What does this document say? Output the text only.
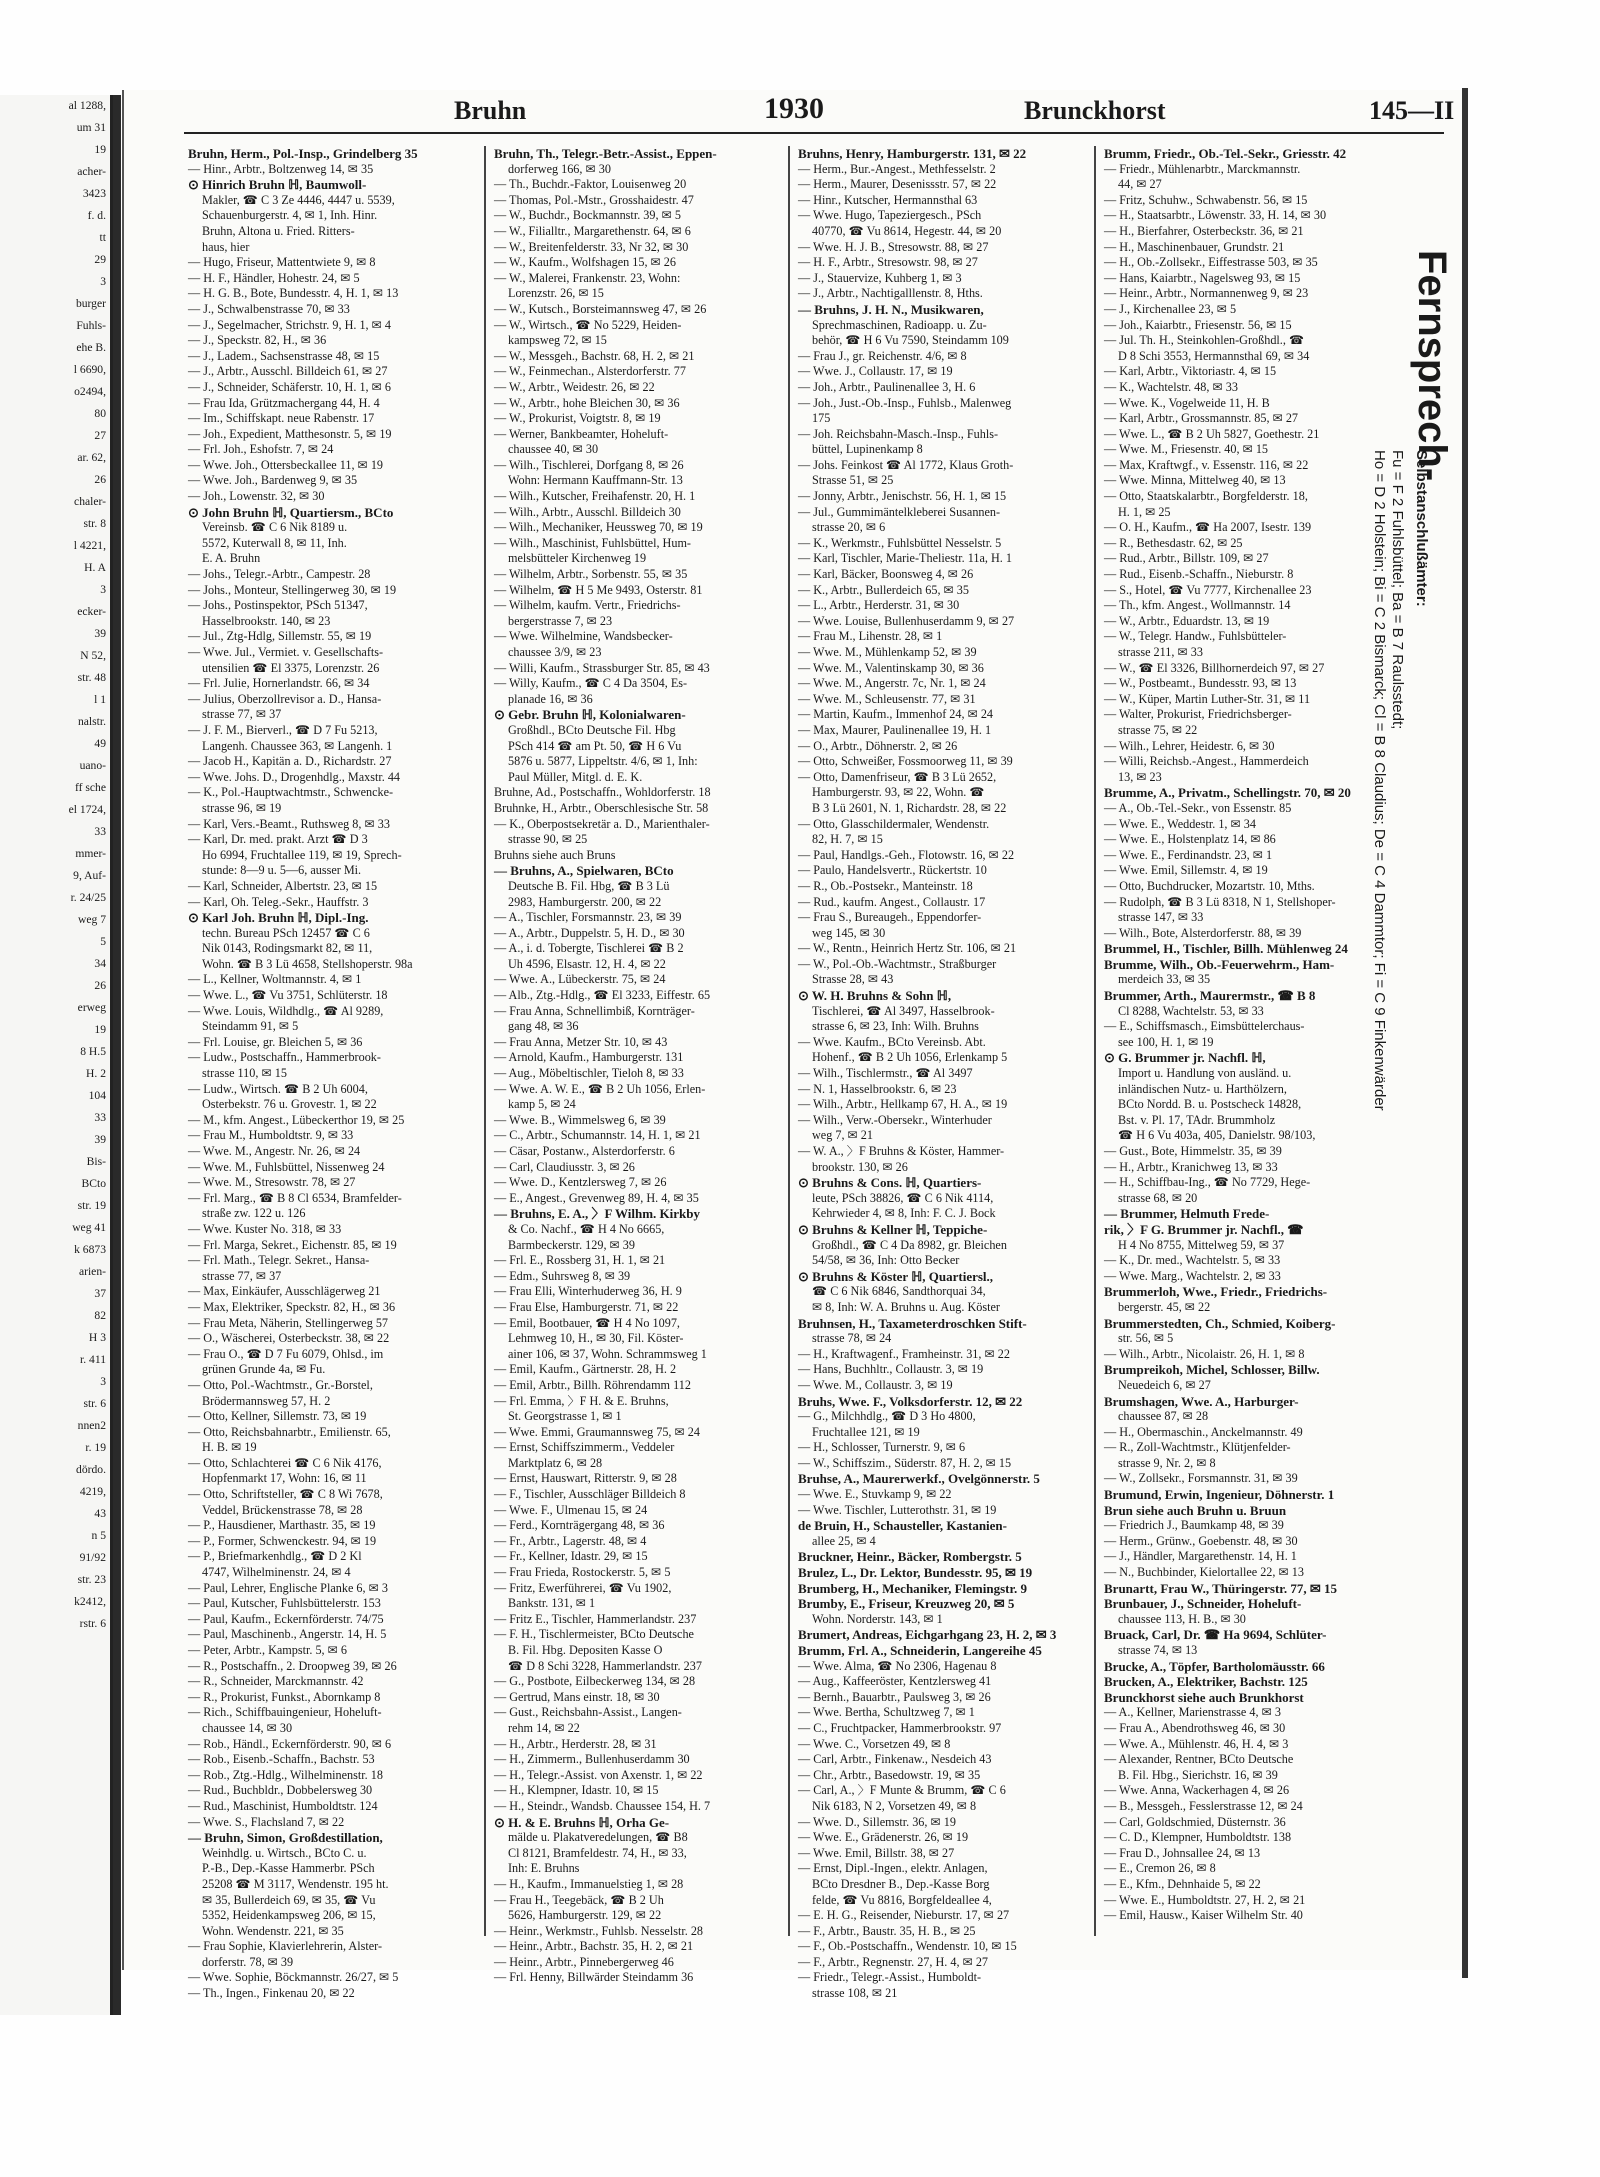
al 1288,
um 31
19
acher-
3423
f. d.
tt
29
3
burger
Fuhls-
ehe B.
l 6690,
o2494,
80
27
ar. 62,
26
chaler-
str. 8
l 4221,
H. A
3
ecker-
39
N 52,
str. 48
l 1
nalstr.
49
uano-
ff sche
el 1724,
33
mmer-
9, Auf-
r. 24/25
weg 7
5
34
26
erweg
19
8 H.5
H. 2
104
33
39
Bis-
BCto
str. 19
weg 41
k 6873
arien-
37
82
H 3
r. 411
3
str. 6
nnen2
r. 19
dördo.
4219,
43
n 5
91/92
str. 23
k2412,
rstr. 6
Bruhn	1930	Brunckhorst	145—II
Bruhn, Herm., Pol.-Insp., Grindelberg 35
— Hinr., Arbtr., Boltzenweg 14, ✉ 35
⊙ Hinrich Bruhn ℍ, Baumwoll-
Makler, ☎ C 3 Ze 4446, 4447 u. 5539,
Schauenburgerstr. 4, ✉ 1, Inh. Hinr.
Bruhn, Altona u. Fried. Ritters-
haus, hier
— Hugo, Friseur, Mattentwiete 9, ✉ 8
— H. F., Händler, Hohestr. 24, ✉ 5
— H. G. B., Bote, Bundesstr. 4, H. 1, ✉ 13
— J., Schwalbenstrasse 70, ✉ 33
— J., Segelmacher, Strichstr. 9, H. 1, ✉ 4
— J., Speckstr. 82, H., ✉ 36
— J., Ladem., Sachsenstrasse 48, ✉ 15
— J., Arbtr., Ausschl. Billdeich 61, ✉ 27
— J., Schneider, Schäferstr. 10, H. 1, ✉ 6
— Frau Ida, Grützmachergang 44, H. 4
— Im., Schiffskapt. neue Rabenstr. 17
— Joh., Expedient, Matthesonstr. 5, ✉ 19
— Frl. Joh., Eshofstr. 7, ✉ 24
— Wwe. Joh., Ottersbeckallee 11, ✉ 19
— Wwe. Joh., Bardenweg 9, ✉ 35
— Joh., Lowenstr. 32, ✉ 30
⊙ John Bruhn ℍ, Quartiersm., BCto
Vereinsb. ☎ C 6 Nik 8189 u.
5572, Kuterwall 8, ✉ 11, Inh.
E. A. Bruhn
— Johs., Telegr.-Arbtr., Campestr. 28
— Johs., Monteur, Stellingerweg 30, ✉ 19
— Johs., Postinspektor, PSch 51347,
Hasselbrookstr. 140, ✉ 23
— Jul., Ztg-Hdlg, Sillemstr. 55, ✉ 19
— Wwe. Jul., Vermiet. v. Gesellschafts-
utensilien ☎ El 3375, Lorenzstr. 26
— Frl. Julie, Hornerlandstr. 66, ✉ 34
— Julius, Oberzollrevisor a. D., Hansa-
strasse 77, ✉ 37
— J. F. M., Bierverl., ☎ D 7 Fu 5213,
Langenh. Chaussee 363, ✉ Langenh. 1
— Jacob H., Kapitän a. D., Richardstr. 27
— Wwe. Johs. D., Drogenhdlg., Maxstr. 44
— K., Pol.-Hauptwachtmstr., Schwencke-
strasse 96, ✉ 19
— Karl, Vers.-Beamt., Ruthsweg 8, ✉ 33
— Karl, Dr. med. prakt. Arzt ☎ D 3
Ho 6994, Fruchtallee 119, ✉ 19, Sprech-
stunde: 8—9 u. 5—6, ausser Mi.
— Karl, Schneider, Albertstr. 23, ✉ 15
— Karl, Oh. Teleg.-Sekr., Hauffstr. 3
⊙ Karl Joh. Bruhn ℍ, Dipl.-Ing.
techn. Bureau PSch 12457 ☎ C 6
Nik 0143, Rodingsmarkt 82, ✉ 11,
Wohn. ☎ B 3 Lü 4658, Stellshoperstr. 98a
— L., Kellner, Woltmannstr. 4, ✉ 1
— Wwe. L., ☎ Vu 3751, Schlüterstr. 18
— Wwe. Louis, Wildhdlg., ☎ Al 9289,
Steindamm 91, ✉ 5
— Frl. Louise, gr. Bleichen 5, ✉ 36
— Ludw., Postschaffn., Hammerbrook-
strasse 110, ✉ 15
— Ludw., Wirtsch. ☎ B 2 Uh 6004,
Osterbekstr. 76 u. Grovestr. 1, ✉ 22
— M., kfm. Angest., Lübeckerthor 19, ✉ 25
— Frau M., Humboldtstr. 9, ✉ 33
— Wwe. M., Angestr. Nr. 26, ✉ 24
— Wwe. M., Fuhlsbüttel, Nissenweg 24
— Wwe. M., Stresowstr. 78, ✉ 27
— Frl. Marg., ☎ B 8 Cl 6534, Bramfelder-
straße zw. 122 u. 126
— Wwe. Kuster No. 318, ✉ 33
— Frl. Marga, Sekret., Eichenstr. 85, ✉ 19
— Frl. Math., Telegr. Sekret., Hansa-
strasse 77, ✉ 37
— Max, Einkäufer, Ausschlägerweg 21
— Max, Elektriker, Speckstr. 82, H., ✉ 36
— Frau Meta, Näherin, Stellingerweg 57
— O., Wäscherei, Osterbeckstr. 38, ✉ 22
— Frau O., ☎ D 7 Fu 6079, Ohlsd., im
grünen Grunde 4a, ✉ Fu.
— Otto, Pol.-Wachtmstr., Gr.-Borstel,
Brödermannsweg 57, H. 2
— Otto, Kellner, Sillemstr. 73, ✉ 19
— Otto, Reichsbahnarbtr., Emilienstr. 65,
H. B. ✉ 19
— Otto, Schlachterei ☎ C 6 Nik 4176,
Hopfenmarkt 17, Wohn: 16, ✉ 11
— Otto, Schriftsteller, ☎ C 8 Wi 7678,
Veddel, Brückenstrasse 78, ✉ 28
— P., Hausdiener, Marthastr. 35, ✉ 19
— P., Former, Schwenckestr. 94, ✉ 19
— P., Briefmarkenhdlg., ☎ D 2 Kl
4747, Wilhelminenstr. 24, ✉ 4
— Paul, Lehrer, Englische Planke 6, ✉ 3
— Paul, Kutscher, Fuhlsbüttelerstr. 153
— Paul, Kaufm., Eckernförderstr. 74/75
— Paul, Maschinenb., Angerstr. 14, H. 5
— Peter, Arbtr., Kampstr. 5, ✉ 6
— R., Postschaffn., 2. Droopweg 39, ✉ 26
— R., Schneider, Marckmannstr. 42
— R., Prokurist, Funkst., Abornkamp 8
— Rich., Schiffbauingenieur, Hoheluft-
chaussee 14, ✉ 30
— Rob., Händl., Eckernförderstr. 90, ✉ 6
— Rob., Eisenb.-Schaffn., Bachstr. 53
— Rob., Ztg.-Hdlg., Wilhelminenstr. 18
— Rud., Buchbldr., Dobbelersweg 30
— Rud., Maschinist, Humboldtstr. 124
— Wwe. S., Flachsland 7, ✉ 22
— Bruhn, Simon, Großdestillation,
Weinhdlg. u. Wirtsch., BCto C. u.
P.-B., Dep.-Kasse Hammerbr. PSch
25208 ☎ M 3117, Wendenstr. 195 ht.
✉ 35, Bullerdeich 69, ✉ 35, ☎ Vu
5352, Heidenkampsweg 206, ✉ 15,
Wohn. Wendenstr. 221, ✉ 35
— Frau Sophie, Klavierlehrerin, Alster-
dorferstr. 78, ✉ 39
— Wwe. Sophie, Böckmannstr. 26/27, ✉ 5
— Th., Ingen., Finkenau 20, ✉ 22
Bruhn, Th., Telegr.-Betr.-Assist., Eppen-
dorferweg 166, ✉ 30
— Th., Buchdr.-Faktor, Louisenweg 20
— Thomas, Pol.-Mstr., Grosshaidestr. 47
— W., Buchdr., Bockmannstr. 39, ✉ 5
— W., Filialltr., Margarethenstr. 64, ✉ 6
— W., Breitenfelderstr. 33, Nr 32, ✉ 30
— W., Kaufm., Wolfshagen 15, ✉ 26
— W., Malerei, Frankenstr. 23, Wohn:
Lorenzstr. 26, ✉ 15
— W., Kutsch., Borsteimannsweg 47, ✉ 26
— W., Wirtsch., ☎ No 5229, Heiden-
kampsweg 72, ✉ 15
— W., Messgeh., Bachstr. 68, H. 2, ✉ 21
— W., Feinmechan., Alsterdorferstr. 77
— W., Arbtr., Weidestr. 26, ✉ 22
— W., Arbtr., hohe Bleichen 30, ✉ 36
— W., Prokurist, Voigtstr. 8, ✉ 19
— Werner, Bankbeamter, Hoheluft-
chaussee 40, ✉ 30
— Wilh., Tischlerei, Dorfgang 8, ✉ 26
Wohn: Hermann Kauffmann-Str. 13
— Wilh., Kutscher, Freihafenstr. 20, H. 1
— Wilh., Arbtr., Ausschl. Billdeich 30
— Wilh., Mechaniker, Heussweg 70, ✉ 19
— Wilh., Maschinist, Fuhlsbüttel, Hum-
melsbütteler Kirchenweg 19
— Wilhelm, Arbtr., Sorbenstr. 55, ✉ 35
— Wilhelm, ☎ H 5 Me 9493, Osterstr. 81
— Wilhelm, kaufm. Vertr., Friedrichs-
bergerstrasse 7, ✉ 23
— Wwe. Wilhelmine, Wandsbecker-
chaussee 3/9, ✉ 23
— Willi, Kaufm., Strassburger Str. 85, ✉ 43
— Willy, Kaufm., ☎ C 4 Da 3504, Es-
planade 16, ✉ 36
⊙ Gebr. Bruhn ℍ, Kolonialwaren-
Großhdl., BCto Deutsche Fil. Hbg
PSch 414 ☎ am Pt. 50, ☎ H 6 Vu
5876 u. 5877, Lippeltstr. 4/6, ✉ 1, Inh:
Paul Müller, Mitgl. d. E. K.
Bruhne, Ad., Postschaffn., Wohldorferstr. 18
Bruhnke, H., Arbtr., Oberschlesische Str. 58
— K., Oberpostsekretär a. D., Marienthaler-
strasse 90, ✉ 25
Bruhns siehe auch Bruns
— Bruhns, A., Spielwaren, BCto
Deutsche B. Fil. Hbg, ☎ B 3 Lü
2983, Hamburgerstr. 200, ✉ 22
— A., Tischler, Forsmannstr. 23, ✉ 39
— A., Arbtr., Duppelstr. 5, H. D., ✉ 30
— A., i. d. Tobergte, Tischlerei ☎ B 2
Uh 4596, Elsastr. 12, H. 4, ✉ 22
— Wwe. A., Lübeckerstr. 75, ✉ 24
— Alb., Ztg.-Hdlg., ☎ El 3233, Eiffestr. 65
— Frau Anna, Schnellimbiß, Kornträger-
gang 48, ✉ 36
— Frau Anna, Metzer Str. 10, ✉ 43
— Arnold, Kaufm., Hamburgerstr. 131
— Aug., Möbeltischler, Tieloh 8, ✉ 33
— Wwe. A. W. E., ☎ B 2 Uh 1056, Erlen-
kamp 5, ✉ 24
— Wwe. B., Wimmelsweg 6, ✉ 39
— C., Arbtr., Schumannstr. 14, H. 1, ✉ 21
— Cäsar, Postanw., Alsterdorferstr. 6
— Carl, Claudiusstr. 3, ✉ 26
— Wwe. D., Kentzlersweg 7, ✉ 26
— E., Angest., Grevenweg 89, H. 4, ✉ 35
— Bruhns, E. A., 〉F Wilhm. Kirkby
& Co. Nachf., ☎ H 4 No 6665,
Barmbeckerstr. 129, ✉ 39
— Frl. E., Rossberg 31, H. 1, ✉ 21
— Edm., Suhrsweg 8, ✉ 39
— Frau Elli, Winterhuderweg 36, H. 9
— Frau Else, Hamburgerstr. 71, ✉ 22
— Emil, Bootbauer, ☎ H 4 No 1097,
Lehmweg 10, H., ✉ 30, Fil. Köster-
ainer 106, ✉ 37, Wohn. Schrammsweg 1
— Emil, Kaufm., Gärtnerstr. 28, H. 2
— Emil, Arbtr., Billh. Röhrendamm 112
— Frl. Emma, 〉F H. & E. Bruhns,
St. Georgstrasse 1, ✉ 1
— Wwe. Emmi, Graumannsweg 75, ✉ 24
— Ernst, Schiffszimmerm., Veddeler
Marktplatz 6, ✉ 28
— Ernst, Hauswart, Ritterstr. 9, ✉ 28
— F., Tischler, Ausschläger Billdeich 8
— Wwe. F., Ulmenau 15, ✉ 24
— Ferd., Kornträgergang 48, ✉ 36
— Fr., Arbtr., Lagerstr. 48, ✉ 4
— Fr., Kellner, Idastr. 29, ✉ 15
— Frau Frieda, Rostockerstr. 5, ✉ 5
— Fritz, Ewerführerei, ☎ Vu 1902,
Bankstr. 131, ✉ 1
— Fritz E., Tischler, Hammerlandstr. 237
— F. H., Tischlermeister, BCto Deutsche
B. Fil. Hbg. Depositen Kasse O
☎ D 8 Schi 3228, Hammerlandstr. 237
— G., Postbote, Eilbeckerweg 134, ✉ 28
— Gertrud, Mans einstr. 18, ✉ 30
— Gust., Reichsbahn-Assist., Langen-
rehm 14, ✉ 22
— H., Arbtr., Herderstr. 28, ✉ 31
— H., Zimmerm., Bullenhuserdamm 30
— H., Telegr.-Assist. von Axenstr. 1, ✉ 22
— H., Klempner, Idastr. 10, ✉ 15
— H., Steindr., Wandsb. Chaussee 154, H. 7
⊙ H. & E. Bruhns ℍ, Orha Ge-
mälde u. Plakatveredelungen, ☎ B8
Cl 8121, Bramfeldestr. 74, H., ✉ 33,
Inh: E. Bruhns
— H., Kaufm., Immanuelstieg 1, ✉ 28
— Frau H., Teegebäck, ☎ B 2 Uh
5626, Hamburgerstr. 129, ✉ 22
— Heinr., Werkmstr., Fuhlsb. Nesselstr. 28
— Heinr., Arbtr., Bachstr. 35, H. 2, ✉ 21
— Heinr., Arbtr., Pinnebergerweg 46
— Frl. Henny, Billwärder Steindamm 36
Bruhns, Henry, Hamburgerstr. 131, ✉ 22
— Herm., Bur.-Angest., Methfesselstr. 2
— Herm., Maurer, Desenissstr. 57, ✉ 22
— Hinr., Kutscher, Hermannsthal 63
— Wwe. Hugo, Tapeziergesch., PSch
40770, ☎ Vu 8614, Hegestr. 44, ✉ 20
— Wwe. H. J. B., Stresowstr. 88, ✉ 27
— H. F., Arbtr., Stresowstr. 98, ✉ 27
— J., Stauervize, Kuhberg 1, ✉ 3
— J., Arbtr., Nachtigalllenstr. 8, Hths.
— Bruhns, J. H. N., Musikwaren,
Sprechmaschinen, Radioapp. u. Zu-
behör, ☎ H 6 Vu 7590, Steindamm 109
— Frau J., gr. Reichenstr. 4/6, ✉ 8
— Wwe. J., Collaustr. 17, ✉ 19
— Joh., Arbtr., Paulinenallee 3, H. 6
— Joh., Just.-Ob.-Insp., Fuhlsb., Malenweg
175
— Joh. Reichsbahn-Masch.-Insp., Fuhls-
büttel, Lupinenkamp 8
— Johs. Feinkost ☎ Al 1772, Klaus Groth-
Strasse 51, ✉ 25
— Jonny, Arbtr., Jenischstr. 56, H. 1, ✉ 15
— Jul., Gummimäntelkleberei Susannen-
strasse 20, ✉ 6
— K., Werkmstr., Fuhlsbüttel Nesselstr. 5
— Karl, Tischler, Marie-Theliestr. 11a, H. 1
— Karl, Bäcker, Boonsweg 4, ✉ 26
— K., Arbtr., Bullerdeich 65, ✉ 35
— L., Arbtr., Herderstr. 31, ✉ 30
— Wwe. Louise, Bullenhuserdamm 9, ✉ 27
— Frau M., Lihenstr. 28, ✉ 1
— Wwe. M., Mühlenkamp 52, ✉ 39
— Wwe. M., Valentinskamp 30, ✉ 36
— Wwe. M., Angerstr. 7c, Nr. 1, ✉ 24
— Wwe. M., Schleusenstr. 77, ✉ 31
— Martin, Kaufm., Immenhof 24, ✉ 24
— Max, Maurer, Paulinenallee 19, H. 1
— O., Arbtr., Döhnerstr. 2, ✉ 26
— Otto, Schweißer, Fossmoorweg 11, ✉ 39
— Otto, Damenfriseur, ☎ B 3 Lü 2652,
Hamburgerstr. 93, ✉ 22, Wohn. ☎
B 3 Lü 2601, N. 1, Richardstr. 28, ✉ 22
— Otto, Glasschildermaler, Wendenstr.
82, H. 7, ✉ 15
— Paul, Handlgs.-Geh., Flotowstr. 16, ✉ 22
— Paulo, Handelsvertr., Rückertstr. 10
— R., Ob.-Postsekr., Manteinstr. 18
— Rud., kaufm. Angest., Collaustr. 17
— Frau S., Bureaugeh., Eppendorfer-
weg 145, ✉ 30
— W., Rentn., Heinrich Hertz Str. 106, ✉ 21
— W., Pol.-Ob.-Wachtmstr., Straßburger
Strasse 28, ✉ 43
⊙ W. H. Bruhns & Sohn ℍ,
Tischlerei, ☎ Al 3497, Hasselbrook-
strasse 6, ✉ 23, Inh: Wilh. Bruhns
— Wwe. Kaufm., BCto Vereinsb. Abt.
Hohenf., ☎ B 2 Uh 1056, Erlenkamp 5
— Wilh., Tischlermstr., ☎ Al 3497
— N. 1, Hasselbrookstr. 6, ✉ 23
— Wilh., Arbtr., Hellkamp 67, H. A., ✉ 19
— Wilh., Verw.-Obersekr., Winterhuder
weg 7, ✉ 21
— W. A., 〉F Bruhns & Köster, Hammer-
brookstr. 130, ✉ 26
⊙ Bruhns & Cons. ℍ, Quartiers-
leute, PSch 38826, ☎ C 6 Nik 4114,
Kehrwieder 4, ✉ 8, Inh: F. C. J. Bock
⊙ Bruhns & Kellner ℍ, Teppiche-
Großhdl., ☎ C 4 Da 8982, gr. Bleichen
54/58, ✉ 36, Inh: Otto Becker
⊙ Bruhns & Köster ℍ, Quartiersl.,
☎ C 6 Nik 6846, Sandthorquai 34,
✉ 8, Inh: W. A. Bruhns u. Aug. Köster
Bruhnsen, H., Taxameterdroschken Stift-
strasse 78, ✉ 24
— H., Kraftwagenf., Framheinstr. 31, ✉ 22
— Hans, Buchhltr., Collaustr. 3, ✉ 19
— Wwe. M., Collaustr. 3, ✉ 19
Bruhs, Wwe. F., Volksdorferstr. 12, ✉ 22
— G., Milchhdlg., ☎ D 3 Ho 4800,
Fruchtallee 121, ✉ 19
— H., Schlosser, Turnerstr. 9, ✉ 6
— W., Schiffszim., Süderstr. 87, H. 2, ✉ 15
Bruhse, A., Maurerwerkf., Ovelgönnerstr. 5
— Wwe. E., Stuvkamp 9, ✉ 22
— Wwe. Tischler, Lutterothstr. 31, ✉ 19
de Bruin, H., Schausteller, Kastanien-
allee 25, ✉ 4
Bruckner, Heinr., Bäcker, Rombergstr. 5
Brulez, L., Dr. Lektor, Bundesstr. 95, ✉ 19
Brumberg, H., Mechaniker, Flemingstr. 9
Brumby, E., Friseur, Kreuzweg 20, ✉ 5
Wohn. Norderstr. 143, ✉ 1
Brumert, Andreas, Eichgarhgang 23, H. 2, ✉ 3
Brumm, Frl. A., Schneiderin, Langereihe 45
— Wwe. Alma, ☎ No 2306, Hagenau 8
— Aug., Kaffeeröster, Kentzlersweg 41
— Bernh., Bauarbtr., Paulsweg 3, ✉ 26
— Wwe. Bertha, Schultzweg 7, ✉ 1
— C., Fruchtpacker, Hammerbrookstr. 97
— Wwe. C., Vorsetzen 49, ✉ 8
— Carl, Arbtr., Finkenaw., Nesdeich 43
— Chr., Arbtr., Basedowstr. 19, ✉ 35
— Carl, A., 〉F Munte & Brumm, ☎ C 6
Nik 6183, N 2, Vorsetzen 49, ✉ 8
— Wwe. D., Sillemstr. 36, ✉ 19
— Wwe. E., Grädenerstr. 26, ✉ 19
— Wwe. Emil, Billstr. 38, ✉ 27
— Ernst, Dipl.-Ingen., elektr. Anlagen,
BCto Dresdner B., Dep.-Kasse Borg
felde, ☎ Vu 8816, Borgfeldeallee 4,
— E. H. G., Reisender, Nieburstr. 17, ✉ 27
— F., Arbtr., Baustr. 35, H. B., ✉ 25
— F., Ob.-Postschaffn., Wendenstr. 10, ✉ 15
— F., Arbtr., Regnenstr. 27, H. 4, ✉ 27
— Friedr., Telegr.-Assist., Humboldt-
strasse 108, ✉ 21
Brumm, Friedr., Ob.-Tel.-Sekr., Griesstr. 42
— Friedr., Mühlenarbtr., Marckmannstr.
44, ✉ 27
— Fritz, Schuhw., Schwabenstr. 56, ✉ 15
— H., Staatsarbtr., Löwenstr. 33, H. 14, ✉ 30
— H., Bierfahrer, Osterbeckstr. 36, ✉ 21
— H., Maschinenbauer, Grundstr. 21
— H., Ob.-Zollsekr., Eiffestrasse 503, ✉ 35
— Hans, Kaiarbtr., Nagelsweg 93, ✉ 15
— Heinr., Arbtr., Normannenweg 9, ✉ 23
— J., Kirchenallee 23, ✉ 5
— Joh., Kaiarbtr., Friesenstr. 56, ✉ 15
— Jul. Th. H., Steinkohlen-Großhdl., ☎
D 8 Schi 3553, Hermannsthal 69, ✉ 34
— Karl, Arbtr., Viktoriastr. 4, ✉ 15
— K., Wachtelstr. 48, ✉ 33
— Wwe. K., Vogelweide 11, H. B
— Karl, Arbtr., Grossmannstr. 85, ✉ 27
— Wwe. L., ☎ B 2 Uh 5827, Goethestr. 21
— Wwe. M., Friesenstr. 40, ✉ 15
— Max, Kraftwgf., v. Essenstr. 116, ✉ 22
— Wwe. Minna, Mittelweg 40, ✉ 13
— Otto, Staatskalarbtr., Borgfelderstr. 18,
H. 1, ✉ 25
— O. H., Kaufm., ☎ Ha 2007, Isestr. 139
— R., Bethesdastr. 62, ✉ 25
— Rud., Arbtr., Billstr. 109, ✉ 27
— Rud., Eisenb.-Schaffn., Nieburstr. 8
— S., Hotel, ☎ Vu 7777, Kirchenallee 23
— Th., kfm. Angest., Wollmannstr. 14
— W., Arbtr., Eduardstr. 13, ✉ 19
— W., Telegr. Handw., Fuhlsbütteler-
strasse 211, ✉ 33
— W., ☎ El 3326, Billhornerdeich 97, ✉ 27
— W., Postbeamt., Bundesstr. 93, ✉ 13
— W., Küper, Martin Luther-Str. 31, ✉ 11
— Walter, Prokurist, Friedrichsberger-
strasse 75, ✉ 22
— Wilh., Lehrer, Heidestr. 6, ✉ 30
— Willi, Reichsb.-Angest., Hammerdeich
13, ✉ 23
Brumme, A., Privatm., Schellingstr. 70, ✉ 20
— A., Ob.-Tel.-Sekr., von Essenstr. 85
— Wwe. E., Weddestr. 1, ✉ 34
— Wwe. E., Holstenplatz 14, ✉ 86
— Wwe. E., Ferdinandstr. 23, ✉ 1
— Wwe. Emil, Sillemstr. 4, ✉ 19
— Otto, Buchdrucker, Mozartstr. 10, Mths.
— Rudolph, ☎ B 3 Lü 8318, N 1, Stellshoper-
strasse 147, ✉ 33
— Wilh., Bote, Alsterdorferstr. 88, ✉ 39
Brummel, H., Tischler, Billh. Mühlenweg 24
Brumme, Wilh., Ob.-Feuerwehrm., Ham-
merdeich 33, ✉ 35
Brummer, Arth., Maurermstr., ☎ B 8
Cl 8288, Wachtelstr. 53, ✉ 33
— E., Schiffsmasch., Eimsbüttelerchaus-
see 100, H. 1, ✉ 19
⊙ G. Brummer jr. Nachfl. ℍ,
Import u. Handlung von ausländ. u.
inländischen Nutz- u. Harthölzern,
BCto Nordd. B. u. Postscheck 14828,
Bst. v. Pl. 17, TAdr. Brummholz
☎ H 6 Vu 403a, 405, Danielstr. 98/103,
— Gust., Bote, Himmelstr. 35, ✉ 39
— H., Arbtr., Kranichweg 13, ✉ 33
— H., Schiffbau-Ing., ☎ No 7729, Hege-
strasse 68, ✉ 20
— Brummer, Helmuth Frede-
rik, 〉F G. Brummer jr. Nachfl., ☎
H 4 No 8755, Mittelweg 59, ✉ 37
— K., Dr. med., Wachtelstr. 5, ✉ 33
— Wwe. Marg., Wachtelstr. 2, ✉ 33
Brummerloh, Wwe., Friedr., Friedrichs-
bergerstr. 45, ✉ 22
Brummerstedten, Ch., Schmied, Koiberg-
str. 56, ✉ 5
— Wilh., Arbtr., Nicolaistr. 26, H. 1, ✉ 8
Brumpreikoh, Michel, Schlosser, Billw.
Neuedeich 6, ✉ 27
Brumshagen, Wwe. A., Harburger-
chaussee 87, ✉ 28
— H., Obermaschin., Anckelmannstr. 49
— R., Zoll-Wachtmstr., Klütjenfelder-
strasse 9, Nr. 2, ✉ 8
— W., Zollsekr., Forsmannstr. 31, ✉ 39
Brumund, Erwin, Ingenieur, Döhnerstr. 1
Brun siehe auch Bruhn u. Bruun
— Friedrich J., Baumkamp 48, ✉ 39
— Herm., Grünw., Goebenstr. 48, ✉ 30
— J., Händler, Margarethenstr. 14, H. 1
— N., Buchbinder, Kielortallee 22, ✉ 13
Brunartt, Frau W., Thüringerstr. 77, ✉ 15
Brunbauer, J., Schneider, Hoheluft-
chaussee 113, H. B., ✉ 30
Bruack, Carl, Dr. ☎ Ha 9694, Schlüter-
strasse 74, ✉ 13
Brucke, A., Töpfer, Bartholomäusstr. 66
Brucken, A., Elektriker, Bachstr. 125
Brunckhorst siehe auch Brunkhorst
— A., Kellner, Marienstrasse 4, ✉ 3
— Frau A., Abendrothsweg 46, ✉ 30
— Wwe. A., Mühlenstr. 46, H. 4, ✉ 3
— Alexander, Rentner, BCto Deutsche
B. Fil. Hbg., Sierichstr. 16, ✉ 39
— Wwe. Anna, Wackerhagen 4, ✉ 26
— B., Messgeh., Fesslerstrasse 12, ✉ 24
— Carl, Goldschmied, Düsternstr. 36
— C. D., Klempner, Humboldtstr. 138
— Frau D., Johnsallee 24, ✉ 13
— E., Cremon 26, ✉ 8
— E., Kfm., Dehnhaide 5, ✉ 22
— Wwe. E., Humboldtstr. 27, H. 2, ✉ 21
— Emil, Hausw., Kaiser Wilhelm Str. 40
Fernsprech-
Selbstanschlußämter:
Fu = F 2 Fuhlsbüttel; Ba = B 7 Raulsstedt;
Ho = D 2 Holstein; Bi = C 2 Bismarck; Cl = B 8 Claudius; De = C 4 Dammtor; Fi = C 9 Finkenwärder
